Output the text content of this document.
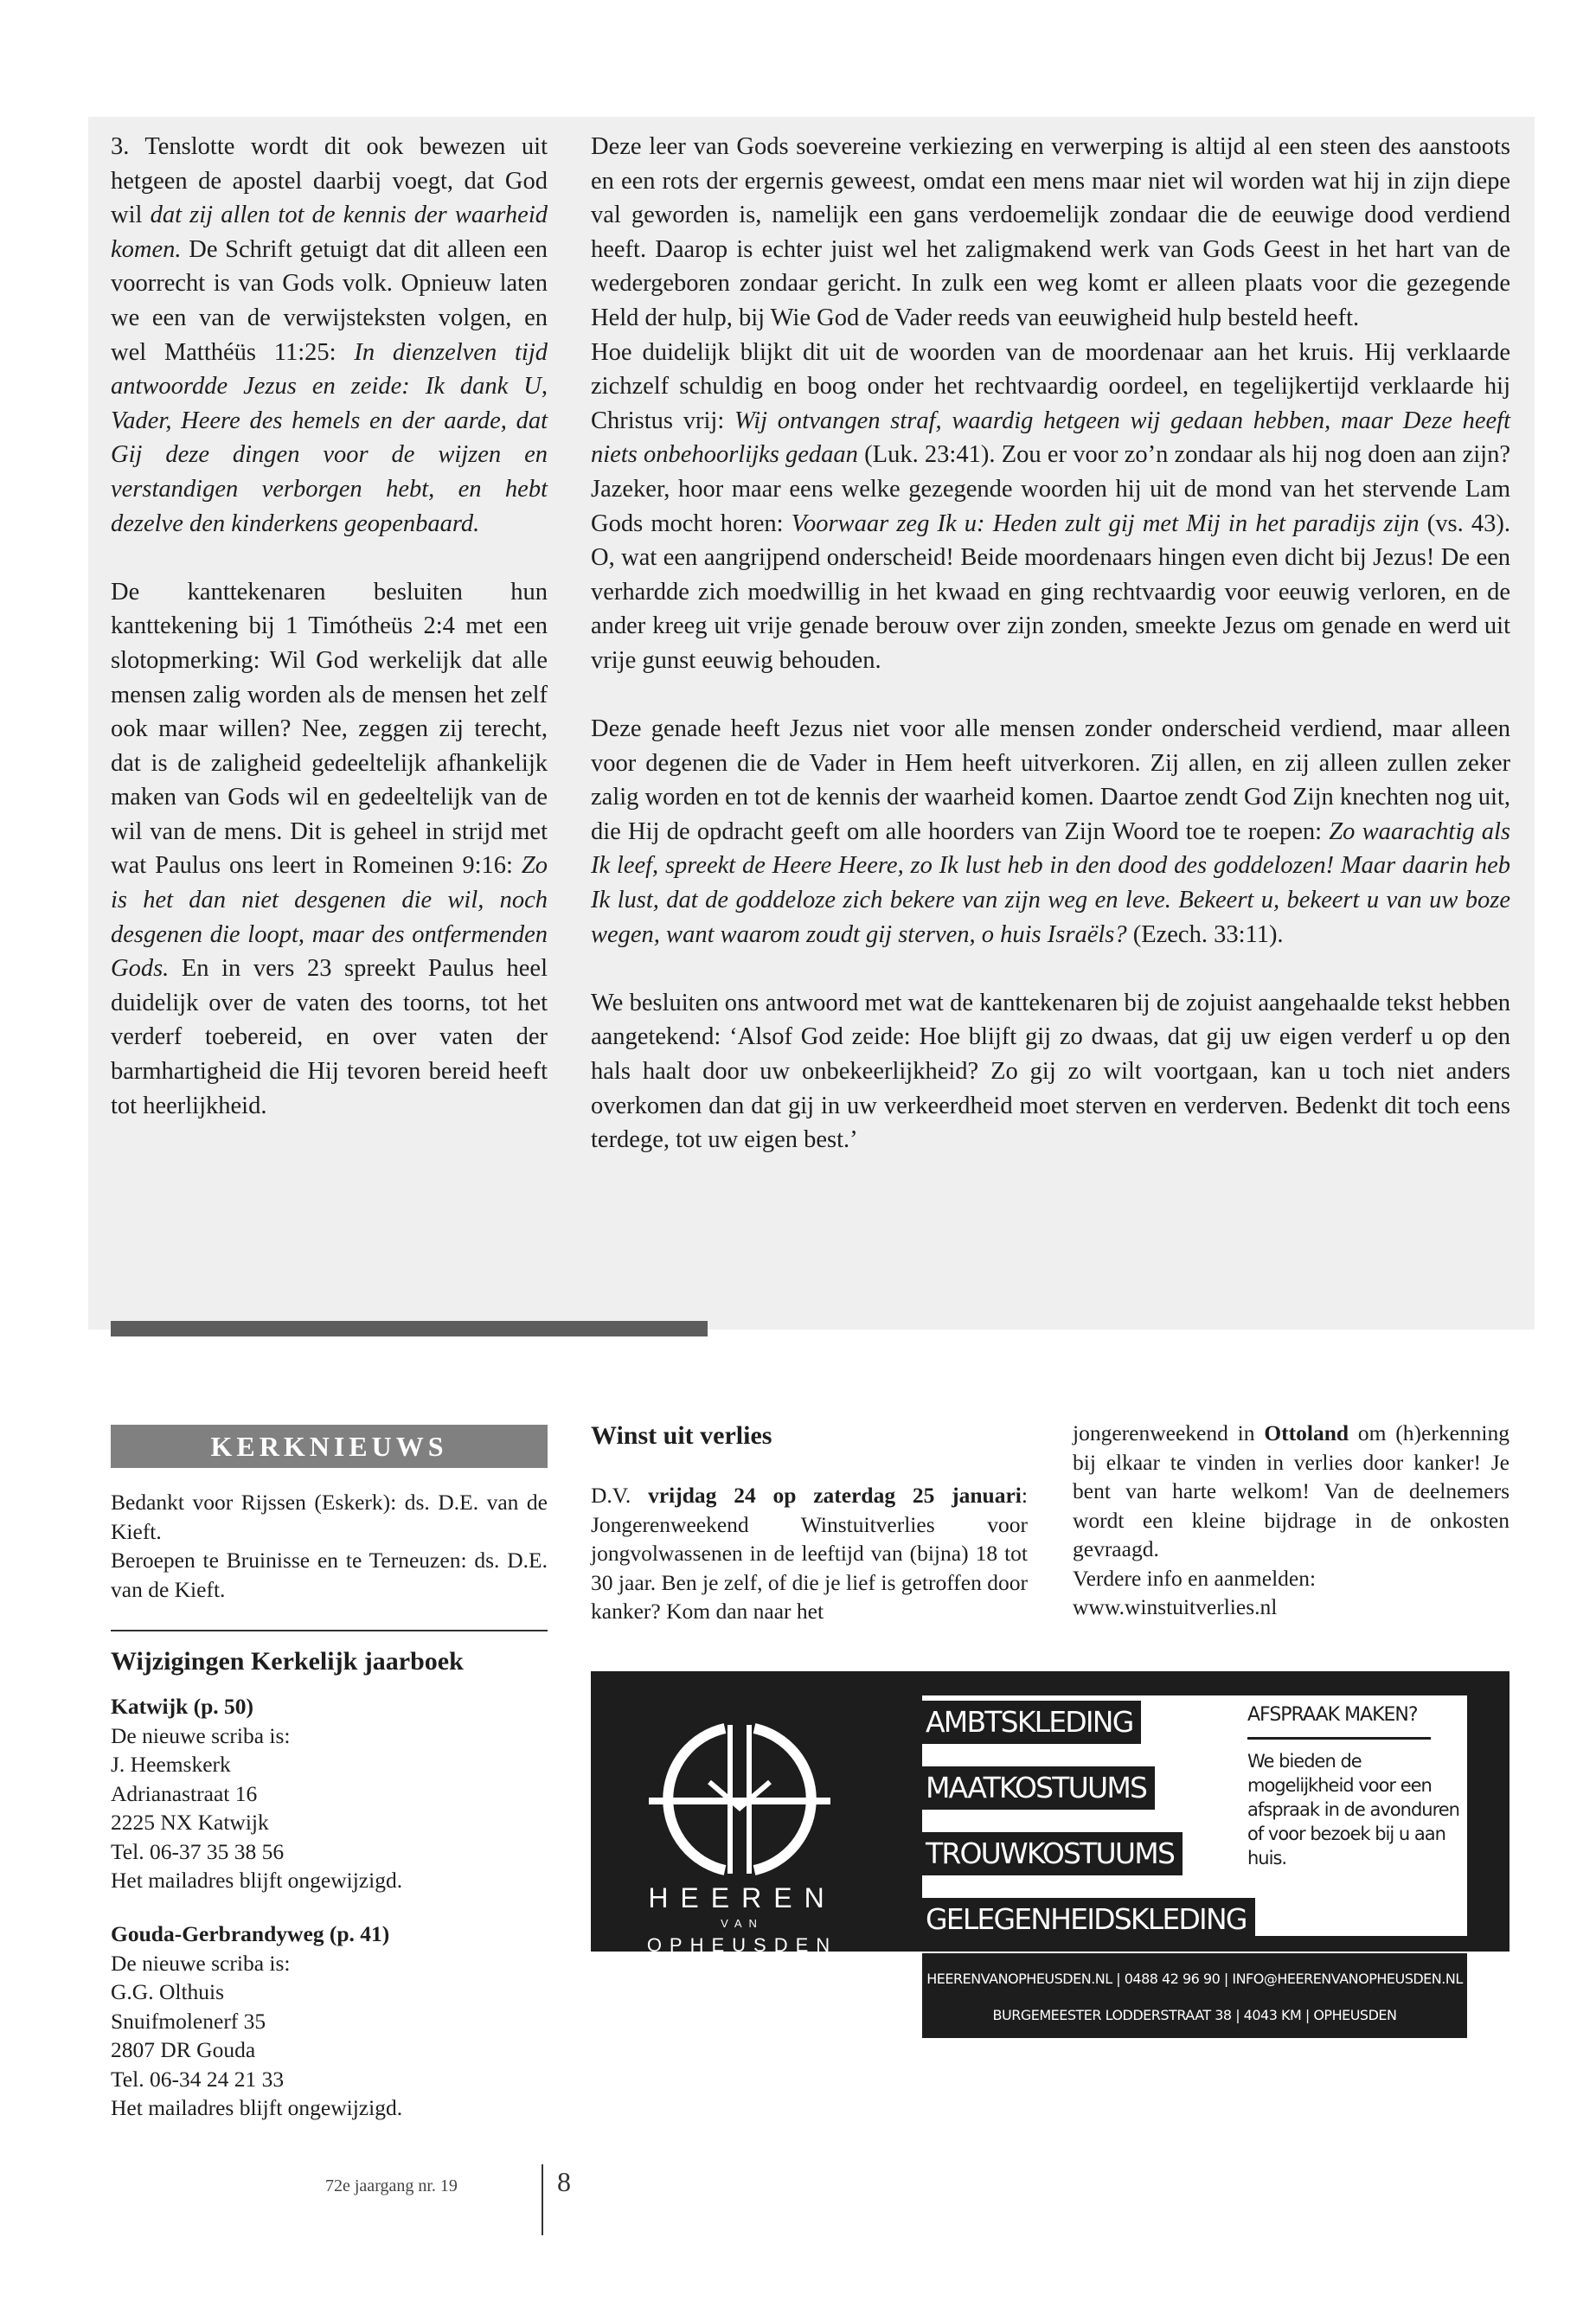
3. Tenslotte wordt dit ook bewezen uit hetgeen de apostel daarbij voegt, dat God wil dat zij allen tot de kennis der waarheid komen. De Schrift getuigt dat dit alleen een voorrecht is van Gods volk. Opnieuw laten we een van de verwijsteksten volgen, en wel Matthéüs 11:25: In dienzelven tijd antwoordde Jezus en zeide: Ik dank U, Vader, Heere des hemels en der aarde, dat Gij deze dingen voor de wijzen en verstandigen verborgen hebt, en hebt dezelve den kinderkens geopenbaard.

De kanttekenaren besluiten hun kanttekening bij 1 Timótheüs 2:4 met een slotopmerking: Wil God werkelijk dat alle mensen zalig worden als de mensen het zelf ook maar willen? Nee, zeggen zij terecht, dat is de zaligheid gedeeltelijk afhankelijk maken van Gods wil en gedeeltelijk van de wil van de mens. Dit is geheel in strijd met wat Paulus ons leert in Romeinen 9:16: Zo is het dan niet desgenen die wil, noch desgenen die loopt, maar des ontfermenden Gods. En in vers 23 spreekt Paulus heel duidelijk over de vaten des toorns, tot het verderf toebereid, en over vaten der barmhartigheid die Hij tevoren bereid heeft tot heerlijkheid.

Deze leer van Gods soevereine verkiezing en verwerping is altijd al een steen des aanstoots en een rots der ergernis geweest, omdat een mens maar niet wil worden wat hij in zijn diepe val geworden is, namelijk een gans verdoemelijk zondaar die de eeuwige dood verdiend heeft. Daarop is echter juist wel het zaligmakend werk van Gods Geest in het hart van de wedergeboren zondaar gericht. In zulk een weg komt er alleen plaats voor die gezegende Held der hulp, bij Wie God de Vader reeds van eeuwigheid hulp besteld heeft.

Hoe duidelijk blijkt dit uit de woorden van de moordenaar aan het kruis. Hij verklaarde zichzelf schuldig en boog onder het rechtvaardig oordeel, en tegelijkertijd verklaarde hij Christus vrij: Wij ontvangen straf, waardig hetgeen wij gedaan hebben, maar Deze heeft niets onbehoorlijks gedaan (Luk. 23:41). Zou er voor zo’n zondaar als hij nog doen aan zijn? Jazeker, hoor maar eens welke gezegende woorden hij uit de mond van het stervende Lam Gods mocht horen: Voorwaar zeg Ik u: Heden zult gij met Mij in het paradijs zijn (vs. 43). O, wat een aangrijpend onderscheid! Beide moordenaars hingen even dicht bij Jezus! De een verhardde zich moedwillig in het kwaad en ging rechtvaardig voor eeuwig verloren, en de ander kreeg uit vrije genade berouw over zijn zonden, smeekte Jezus om genade en werd uit vrije gunst eeuwig behouden.

Deze genade heeft Jezus niet voor alle mensen zonder onderscheid verdiend, maar alleen voor degenen die de Vader in Hem heeft uitverkoren. Zij allen, en zij alleen zullen zeker zalig worden en tot de kennis der waarheid komen. Daartoe zendt God Zijn knechten nog uit, die Hij de opdracht geeft om alle hoorders van Zijn Woord toe te roepen: Zo waarachtig als Ik leef, spreekt de Heere Heere, zo Ik lust heb in den dood des goddelozen! Maar daarin heb Ik lust, dat de goddeloze zich bekere van zijn weg en leve. Bekeert u, bekeert u van uw boze wegen, want waarom zoudt gij sterven, o huis Israëls? (Ezech. 33:11).

We besluiten ons antwoord met wat de kanttekenaren bij de zojuist aangehaalde tekst hebben aangetekend: ‘Alsof God zeide: Hoe blijft gij zo dwaas, dat gij uw eigen verderf u op den hals haalt door uw onbekeerlijkheid? Zo gij zo wilt voortgaan, kan u toch niet anders overkomen dan dat gij in uw verkeerdheid moet sterven en verderven. Bedenkt dit toch eens terdege, tot uw eigen best.’

KERKNIEUWS

Bedankt voor Rijssen (Eskerk): ds. D.E. van de Kieft.

Beroepen te Bruinisse en te Terneuzen: ds. D.E. van de Kieft.

Wijzigingen Kerkelijk jaarboek

Katwijk (p. 50)

De nieuwe scriba is:

J. Heemskerk

Adrianastraat 16

2225 NX Katwijk

Tel. 06-37 35 38 56

Het mailadres blijft ongewijzigd.

Gouda-Gerbrandyweg (p. 41)

De nieuwe scriba is:

G.G. Olthuis

Snuifmolenerf 35

2807 DR Gouda

Tel. 06-34 24 21 33

Het mailadres blijft ongewijzigd.

Winst uit verlies

D.V. vrijdag 24 op zaterdag 25 januari: Jongerenweekend Winstuitverlies voor jongvolwassenen in de leeftijd van (bijna) 18 tot 30 jaar. Ben je zelf, of die je lief is getroffen door kanker? Kom dan naar het

jongerenweekend in Ottoland om (h)erkenning bij elkaar te vinden in verlies door kanker! Je bent van harte welkom! Van de deelnemers wordt een kleine bijdrage in de onkosten gevraagd.

Verdere info en aanmelden:

www.winstuitverlies.nl

HEEREN
VAN
OPHEUSDEN
AMBTSKLEDING
MAATKOSTUUMS
TROUWKOSTUUMS
GELEGENHEIDSKLEDING
AFSPRAAK MAKEN?
We bieden de mogelijkheid voor een afspraak in de avonduren of voor bezoek bij u aan huis.
HEERENVANOPHEUSDEN.NL | 0488 42 96 90 | INFO@HEERENVANOPHEUSDEN.NL
BURGEMEESTER LODDERSTRAAT 38 | 4043 KM | OPHEUSDEN
72e jaargang nr. 19	8
